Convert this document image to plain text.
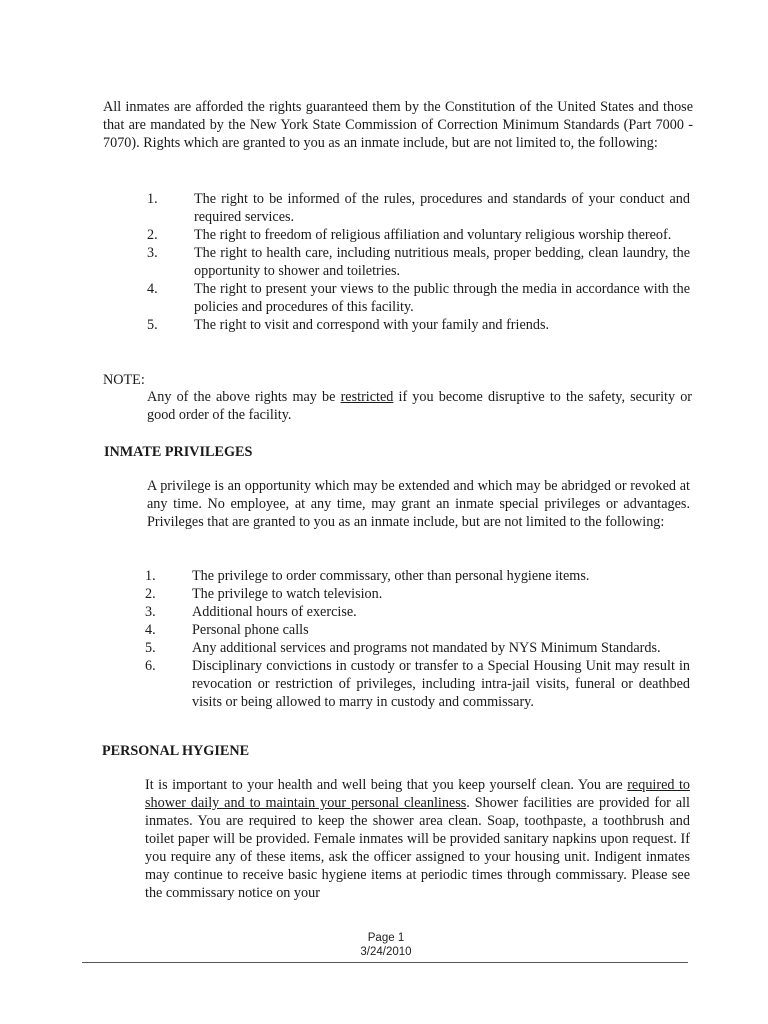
All inmates are afforded the rights guaranteed them by the Constitution of the United States and those that are mandated by the New York State Commission of Correction Minimum Standards (Part 7000 - 7070). Rights which are granted to you as an inmate include, but are not limited to, the following:

1.	The right to be informed of the rules, procedures and standards of your conduct and required services.
2.	The right to freedom of religious affiliation and voluntary religious worship thereof.
3.	The right to health care, including nutritious meals, proper bedding, clean laundry, the opportunity to shower and toiletries.
4.	The right to present your views to the public through the media in accordance with the policies and procedures of this facility.
5.	The right to visit and correspond with your family and friends.
NOTE:

Any of the above rights may be restricted if you become disruptive to the safety, security or good order of the facility.

INMATE PRIVILEGES

A privilege is an opportunity which may be extended and which may be abridged or revoked at any time. No employee, at any time, may grant an inmate special privileges or advantages. Privileges that are granted to you as an inmate include, but are not limited to the following:

1.	The privilege to order commissary, other than personal hygiene items.
2.	The privilege to watch television.
3.	Additional hours of exercise.
4.	Personal phone calls
5.	Any additional services and programs not mandated by NYS Minimum Standards.
6.	Disciplinary convictions in custody or transfer to a Special Housing Unit may result in revocation or restriction of privileges, including intra-jail visits, funeral or deathbed visits or being allowed to marry in custody and commissary.
PERSONAL HYGIENE

It is important to your health and well being that you keep yourself clean. You are required to shower daily and to maintain your personal cleanliness. Shower facilities are provided for all inmates. You are required to keep the shower area clean. Soap, toothpaste, a toothbrush and toilet paper will be provided. Female inmates will be provided sanitary napkins upon request. If you require any of these items, ask the officer assigned to your housing unit. Indigent inmates may continue to receive basic hygiene items at periodic times through commissary. Please see the commissary notice on your

Page 1
3/24/2010
